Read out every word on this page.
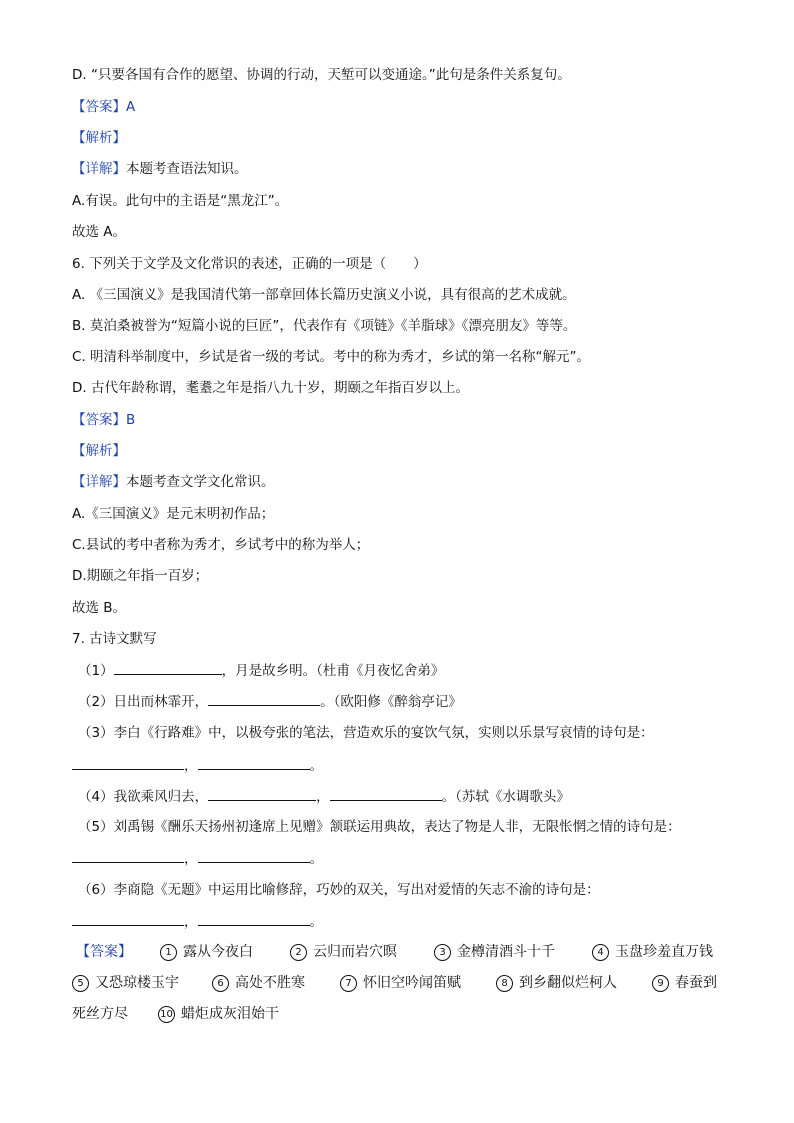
D. “只要各国有合作的愿望、协调的行动，天堑可以变通途。”此句是条件关系复句。
【答案】A
【解析】
【详解】本题考查语法知识。
A.有误。此句中的主语是“黑龙江”。
故选 A。
6. 下列关于文学及文化常识的表述，正确的一项是（　　）
A. 《三国演义》是我国清代第一部章回体长篇历史演义小说，具有很高的艺术成就。
B. 莫泊桑被誉为“短篇小说的巨匠”，代表作有《项链》《羊脂球》《漂亮朋友》等等。
C. 明清科举制度中，乡试是省一级的考试。考中的称为秀才，乡试的第一名称“解元”。
D. 古代年龄称谓，耄耋之年是指八九十岁，期颐之年指百岁以上。
【答案】B
【解析】
【详解】本题考查文学文化常识。
A.《三国演义》是元末明初作品；
C.县试的考中者称为秀才，乡试考中的称为举人；
D.期颐之年指一百岁；
故选 B。
7. 古诗文默写
（1）	，月是故乡明。（杜甫《月夜忆舍弟》
（2）日出而林霏开，	。（欧阳修《醉翁亭记》
（3）李白《行路难》中，以极夸张的笔法，营造欢乐的宴饮气氛，实则以乐景写哀情的诗句是：
，	。
（4）我欲乘风归去，	，	。（苏轼《水调歌头》
（5）刘禹锡《酬乐天扬州初逢席上见赠》颔联运用典故，表达了物是人非，无限怅惘之情的诗句是：
，	。
（6）李商隐《无题》中运用比喻修辞，巧妙的双关，写出对爱情的矢志不渝的诗句是：
，	。
【答案】	1 露从今夜白	2 云归而岩穴暝	3 金樽清酒斗十千	4 玉盘珍羞直万钱
5 又恐琼楼玉宇	6 高处不胜寒	7 怀旧空吟闻笛赋	8 到乡翻似烂柯人	9 春蚕到
死丝方尽	10 蜡炬成灰泪始干
